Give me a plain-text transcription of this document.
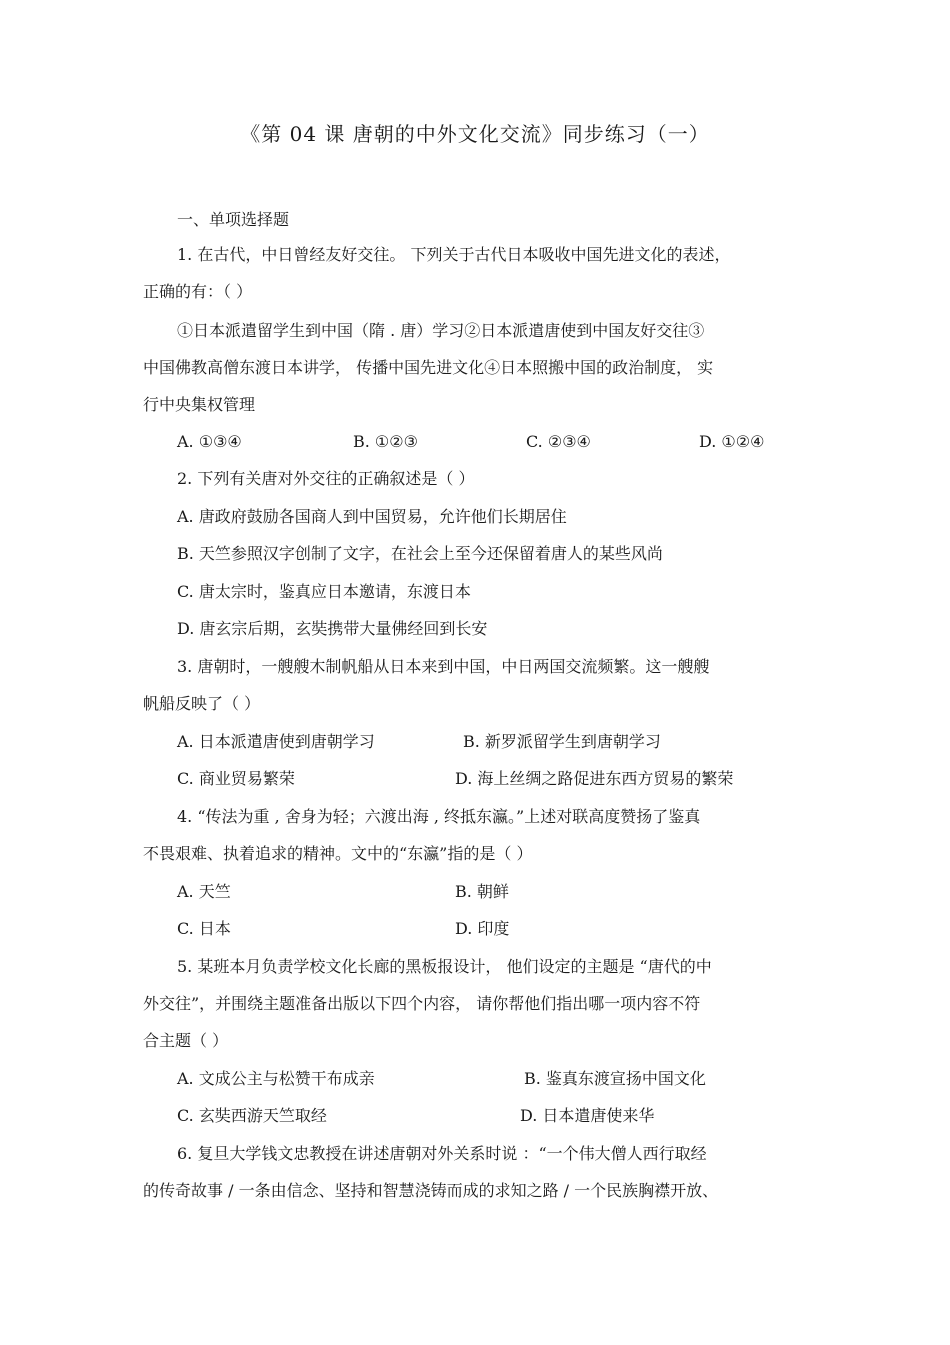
《第 04 课 唐朝的中外文化交流》同步练习（一）
一、单项选择题
1. 在古代，中日曾经友好交往。 下列关于古代日本吸收中国先进文化的表述，
正确的有：（ ）
①日本派遣留学生到中国（隋 . 唐）学习②日本派遣唐使到中国友好交往③
中国佛教高僧东渡日本讲学， 传播中国先进文化④日本照搬中国的政治制度， 实
行中央集权管理
A. ①③④	B. ①②③	C. ②③④	D. ①②④
2. 下列有关唐对外交往的正确叙述是（ ）
A. 唐政府鼓励各国商人到中国贸易，允许他们长期居住
B. 天竺参照汉字创制了文字，在社会上至今还保留着唐人的某些风尚
C. 唐太宗时，鉴真应日本邀请，东渡日本
D. 唐玄宗后期，玄奘携带大量佛经回到长安
3. 唐朝时，一艘艘木制帆船从日本来到中国，中日两国交流频繁。这一艘艘
帆船反映了（ ）
A. 日本派遣唐使到唐朝学习	B. 新罗派留学生到唐朝学习
C. 商业贸易繁荣	D. 海上丝绸之路促进东西方贸易的繁荣
4. “传法为重 , 舍身为轻；六渡出海 , 终抵东瀛。”上述对联高度赞扬了鉴真
不畏艰难、执着追求的精神。文中的“东瀛”指的是（ ）
A. 天竺	B. 朝鲜
C. 日本	D. 印度
5. 某班本月负责学校文化长廊的黑板报设计， 他们设定的主题是 “唐代的中
外交往”，并围绕主题准备出版以下四个内容， 请你帮他们指出哪一项内容不符
合主题（ ）
A. 文成公主与松赞干布成亲	B. 鉴真东渡宣扬中国文化
C. 玄奘西游天竺取经	D. 日本遣唐使来华
6. 复旦大学钱文忠教授在讲述唐朝对外关系时说 ：“一个伟大僧人西行取经
的传奇故事 / 一条由信念、坚持和智慧浇铸而成的求知之路 / 一个民族胸襟开放、
